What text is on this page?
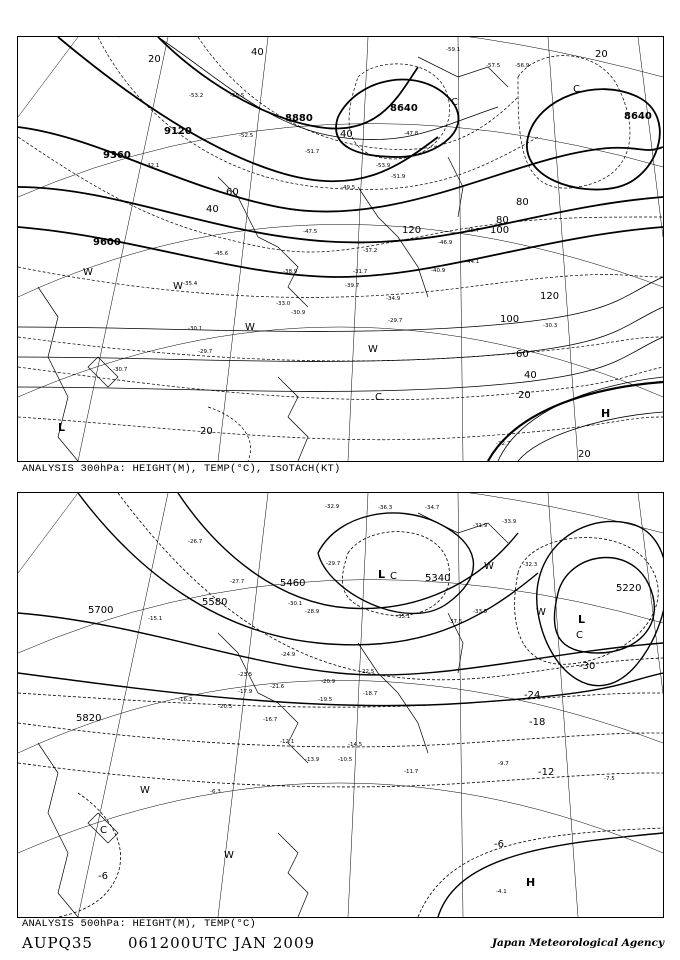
9600
9360
9120
8880
8640
8640
20
40
60
80
100
120
120
100
80
60
40
20
20
40
20
20
40
L
H
C
C
W
W
W
W
C
-59.1
-57.5	-56.9
-55.5
-53.2
-52.5
-51.7
-49.5
-48.7
-47.5
-46.9
-45.6
-44.1
-42.1
-40.9
-39.7
-38.9
-37.2
-35.4
-34.9
-33.0
-31.7
-30.9
-30.1
-29.7
-29.7
-30.3
-30.7
-32.7
-53.9
-51.9
-47.8
ANALYSIS 300hPa: HEIGHT(M), TEMP(°C), ISOTACH(KT)
5820
5700
5580
5460	5340
5220
-6
-12
-18
-24
-30
-6
L
L
C
C
C
H
W
W
W
W
-36.3	-34.7
-33.9
-32.9
-31.9
-30.1
-29.7
-28.9
-27.7
-26.7
-24.9
-23.5	-22.5
-21.6
-20.9
-20.5
-19.5
-18.7
-17.9
-16.7
-16.3
-15.1
-14.5
-13.9
-12.1
-11.7
-10.5
-9.7
-7.5
-6.3
-4.1
-33.5
-32.3
-37.5
-35.1
ANALYSIS 500hPa: HEIGHT(M), TEMP(°C)
AUPQ35 061200UTC JAN 2009	Japan Meteorological Agency
